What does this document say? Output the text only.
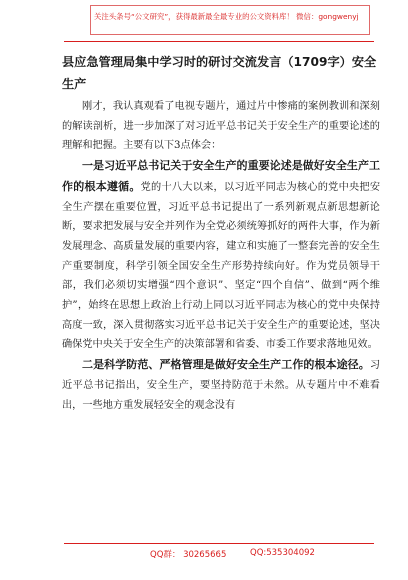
关注头条号“公文研究”，获得最新最全最专业的公文资料库！ 微信：gongwenyj
县应急管理局集中学习时的研讨交流发言（1709字）安全生产

刚才，我认真观看了电视专题片，通过片中惨痛的案例教训和深刻的解读剖析，进一步加深了对习近平总书记关于安全生产的重要论述的理解和把握。主要有以下3点体会：

一是习近平总书记关于安全生产的重要论述是做好安全生产工作的根本遵循。党的十八大以来，以习近平同志为核心的党中央把安全生产摆在重要位置，习近平总书记提出了一系列新观点新思想新论断，要求把发展与安全并列作为全党必须统筹抓好的两件大事，作为新发展理念、高质量发展的重要内容，建立和实施了一整套完善的安全生产重要制度，科学引领全国安全生产形势持续向好。作为党员领导干部，我们必须切实增强“四个意识”、坚定“四个自信”、做到“两个维护”，始终在思想上政治上行动上同以习近平同志为核心的党中央保持高度一致，深入贯彻落实习近平总书记关于安全生产的重要论述，坚决确保党中央关于安全生产的决策部署和省委、市委工作要求落地见效。

二是科学防范、严格管理是做好安全生产工作的根本途径。习近平总书记指出，安全生产，要坚持防范于未然。从专题片中不难看出，一些地方重发展轻安全的观念没有

QQ群： 30265665	QQ:535304092
